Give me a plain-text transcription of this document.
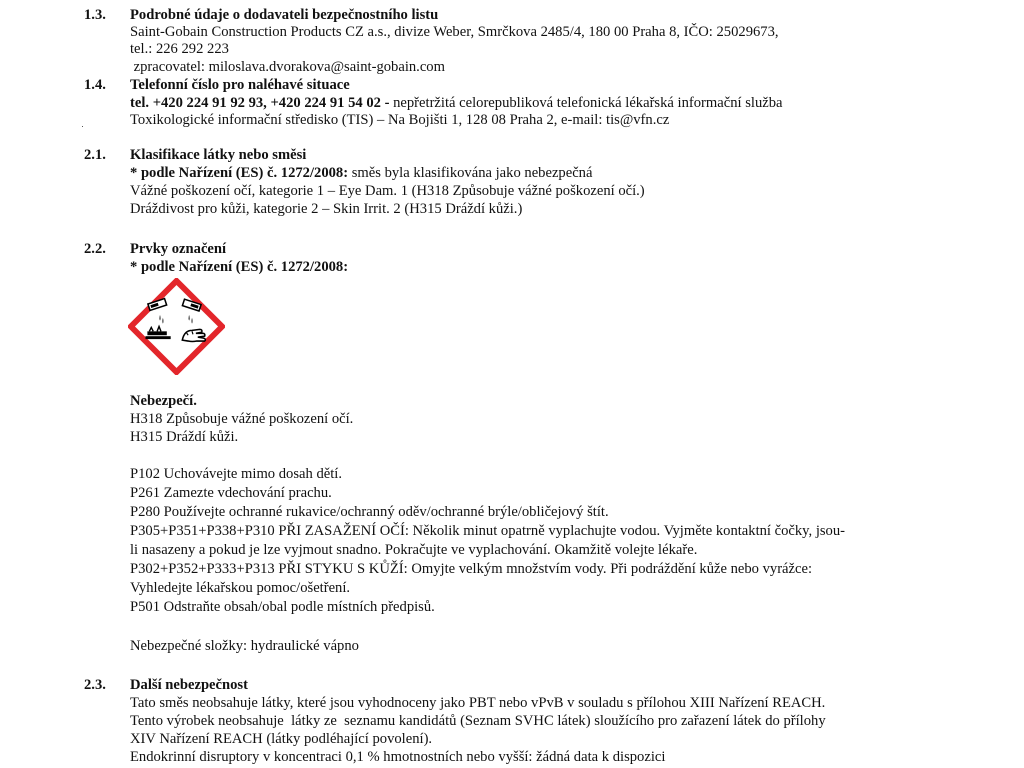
1.3. Podrobné údaje o dodavateli bezpečnostního listu
Saint-Gobain Construction Products CZ a.s., divize Weber, Smrčkova 2485/4, 180 00 Praha 8, IČO: 25029673,
tel.: 226 292 223
zpracovatel: miloslava.dvorakova@saint-gobain.com
1.4. Telefonní číslo pro naléhavé situace
tel. +420 224 91 92 93, +420 224 91 54 02 - nepřetržitá celorepubliková telefonická lékařská informační služba
Toxikologické informační středisko (TIS) – Na Bojišti 1, 128 08 Praha 2, e-mail: tis@vfn.cz
2.1. Klasifikace látky nebo směsi
* podle Nařízení (ES) č. 1272/2008: směs byla klasifikována jako nebezpečná
Vážné poškození očí, kategorie 1 – Eye Dam. 1 (H318 Způsobuje vážné poškození očí.)
Dráždivost pro kůži, kategorie 2 – Skin Irrit. 2 (H315 Dráždí kůži.)
2.2. Prvky označení
* podle Nařízení (ES) č. 1272/2008:
Nebezpečí.
H318 Způsobuje vážné poškození očí.
H315 Dráždí kůži.
P102 Uchovávejte mimo dosah dětí.
P261 Zamezte vdechování prachu.
P280 Používejte ochranné rukavice/ochranný oděv/ochranné brýle/obličejový štít.
P305+P351+P338+P310 PŘI ZASAŽENÍ OČÍ: Několik minut opatrně vyplachujte vodou. Vyjměte kontaktní čočky, jsou-
li nasazeny a pokud je lze vyjmout snadno. Pokračujte ve vyplachování. Okamžitě volejte lékaře.
P302+P352+P333+P313 PŘI STYKU S KŮŽÍ: Omyjte velkým množstvím vody. Při podráždění kůže nebo vyrážce:
Vyhledejte lékařskou pomoc/ošetření.
P501 Odstraňte obsah/obal podle místních předpisů.
Nebezpečné složky: hydraulické vápno
2.3. Další nebezpečnost
Tato směs neobsahuje látky, které jsou vyhodnoceny jako PBT nebo vPvB v souladu s přílohou XIII Nařízení REACH.
Tento výrobek neobsahuje  látky ze  seznamu kandidátů (Seznam SVHC látek) sloužícího pro zařazení látek do přílohy
XIV Nařízení REACH (látky podléhající povolení).
Endokrinní disruptory v koncentraci 0,1 % hmotnostních nebo vyšší: žádná data k dispozici
